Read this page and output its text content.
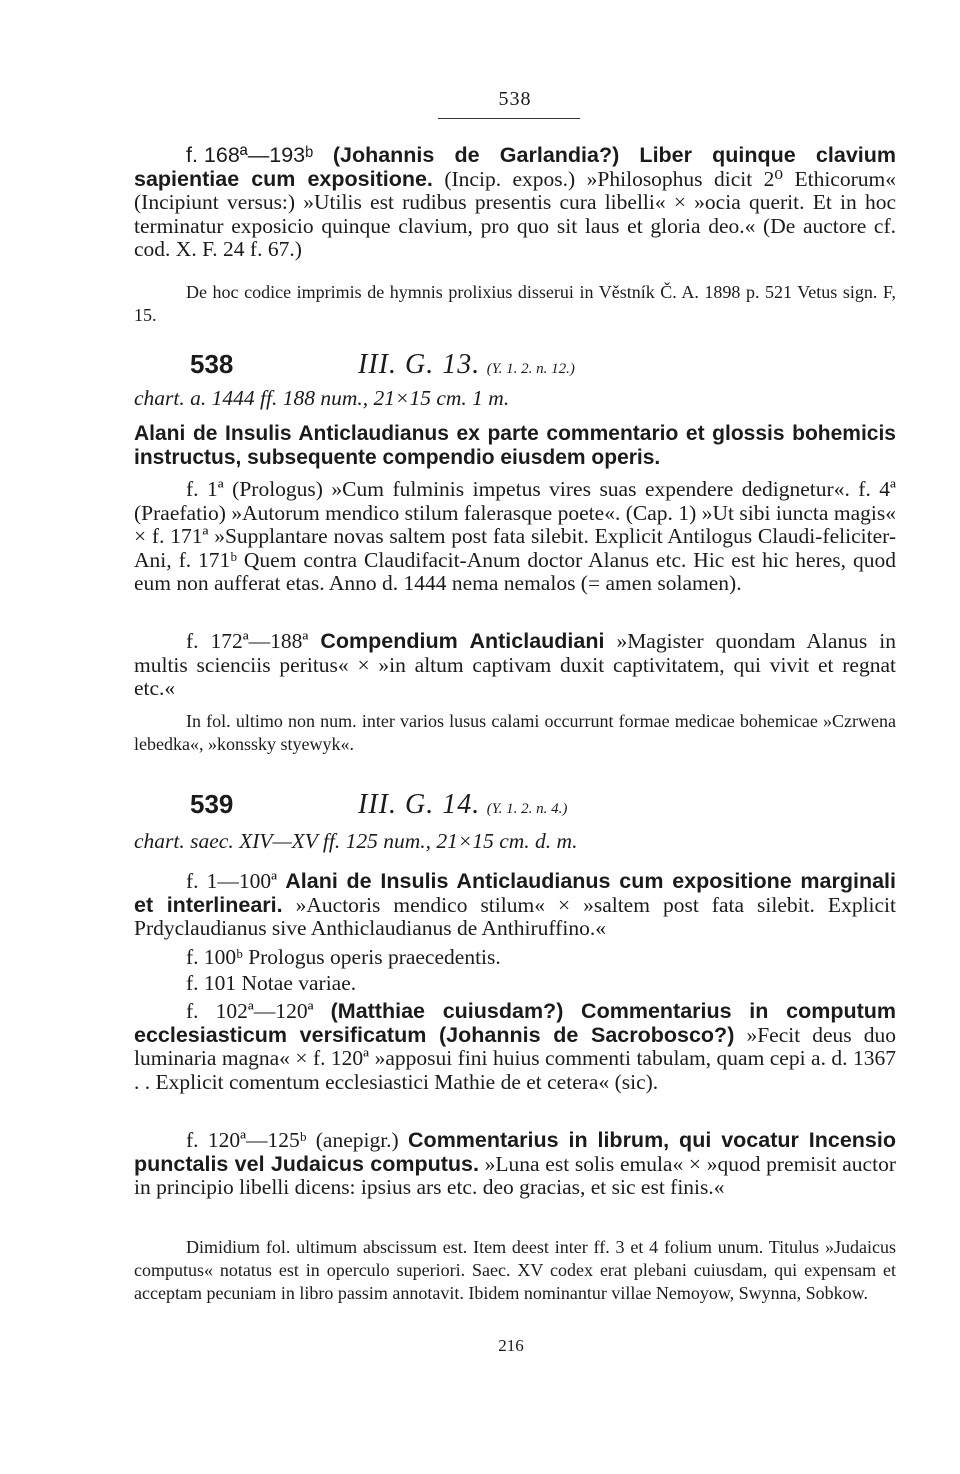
538
f. 168ª—193ᵇ (Johannis de Garlandia?) Liber quinque clavium sapientiae cum expositione. (Incip. expos.) »Philosophus dicit 2⁰ Ethicorum« (Incipiunt versus:) »Utilis est rudibus presentis cura libelli« × »ocia querit. Et in hoc terminatur exposicio quinque clavium, pro quo sit laus et gloria deo.« (De auctore cf. cod. X. F. 24 f. 67.)
De hoc codice imprimis de hymnis prolixius disserui in Věstník Č. A. 1898 p. 521 Vetus sign. F, 15.
538	III. G. 13. (Y. 1. 2. n. 12.)
chart. a. 1444 ff. 188 num., 21×15 cm. 1 m.
Alani de Insulis Anticlaudianus ex parte commentario et glossis bohemicis instructus, subsequente compendio eiusdem operis.
f. 1ª (Prologus) »Cum fulminis impetus vires suas expendere dedignetur«. f. 4ª (Praefatio) »Autorum mendico stilum falerasque poete«. (Cap. 1) »Ut sibi iuncta magis« × f. 171ª »Supplantare novas saltem post fata silebit. Explicit Antilogus Claudi-feliciter-Ani, f. 171ᵇ Quem contra Claudifacit-Anum doctor Alanus etc. Hic est hic heres, quod eum non aufferat etas. Anno d. 1444 nema nemalos (= amen solamen).
f. 172ª—188ª Compendium Anticlaudiani »Magister quondam Alanus in multis scienciis peritus« × »in altum captivam duxit captivitatem, qui vivit et regnat etc.«
In fol. ultimo non num. inter varios lusus calami occurrunt formae medicae bohemicae »Czrwena lebedka«, »konssky styewyk«.
539	III. G. 14. (Y. 1. 2. n. 4.)
chart. saec. XIV—XV ff. 125 num., 21×15 cm. d. m.
f. 1—100ª Alani de Insulis Anticlaudianus cum expositione marginali et interlineari. »Auctoris mendico stilum« × »saltem post fata silebit. Explicit Prdyclaudianus sive Anthiclaudianus de Anthiruffino.«
f. 100ᵇ Prologus operis praecedentis.
f. 101 Notae variae.
f. 102ª—120ª (Matthiae cuiusdam?) Commentarius in computum ecclesiasticum versificatum (Johannis de Sacrobosco?) »Fecit deus duo luminaria magna« × f. 120ª »apposui fini huius commenti tabulam, quam cepi a. d. 1367 . . Explicit comentum ecclesiastici Mathie de et cetera« (sic).
f. 120ª—125ᵇ (anepigr.) Commentarius in librum, qui vocatur Incensio punctalis vel Judaicus computus. »Luna est solis emula« × »quod premisit auctor in principio libelli dicens: ipsius ars etc. deo gracias, et sic est finis.«
Dimidium fol. ultimum abscissum est. Item deest inter ff. 3 et 4 folium unum. Titulus »Judaicus computus« notatus est in operculo superiori. Saec. XV codex erat plebani cuiusdam, qui expensam et acceptam pecuniam in libro passim annotavit. Ibidem nominantur villae Nemoyow, Swynna, Sobkow.
216
